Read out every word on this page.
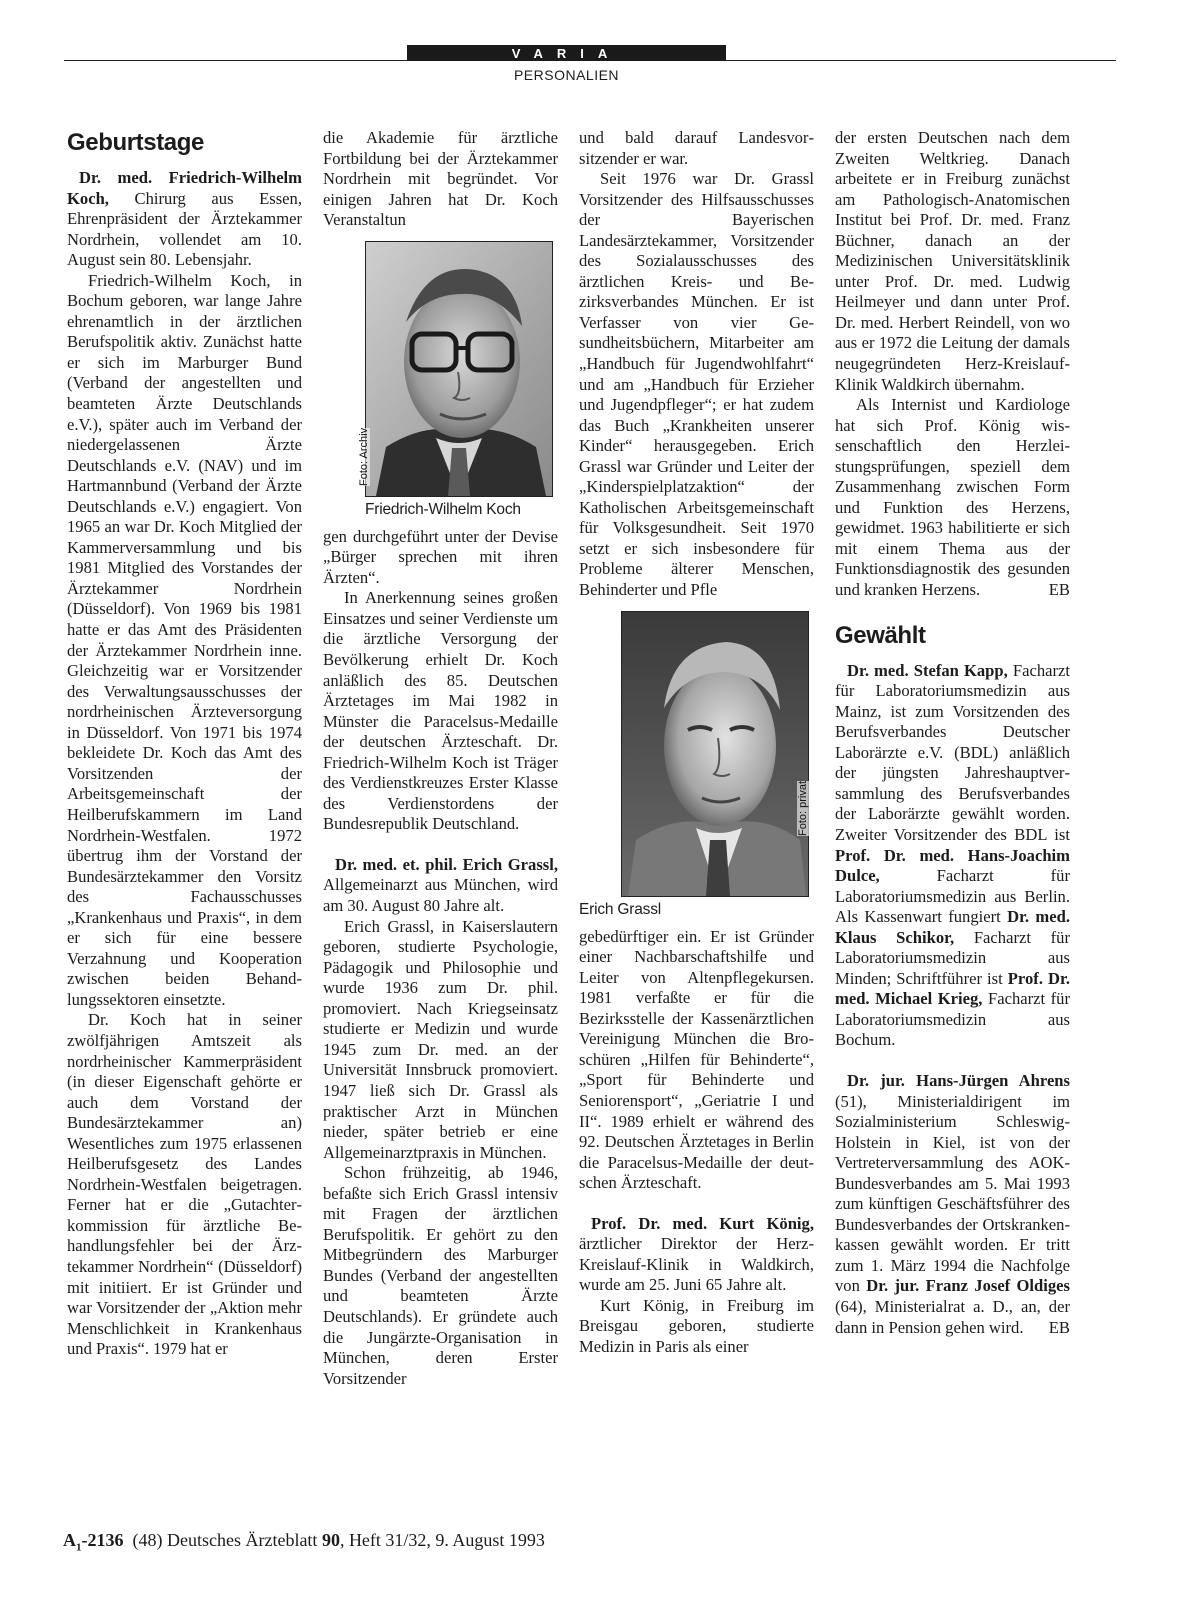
VARIA
PERSONALIEN
Geburtstage

Dr. med. Friedrich-Wilhelm Koch, Chirurg aus Essen, Ehrenpräsident der Ärztekammer Nordrhein, vollendet am 10. August sein 80. Lebensjahr.

Friedrich-Wilhelm Koch, in Bochum geboren, war lange Jahre ehrenamtlich in der ärztlichen Berufspolitik aktiv. Zunächst hatte er sich im Marburger Bund (Verband der angestellten und beamteten Ärzte Deutschlands e.V.), später auch im Verband der niedergelassenen Ärzte Deutschlands e.V. (NAV) und im Hartmannbund (Verband der Ärzte Deutschlands e.V.) engagiert. Von 1965 an war Dr. Koch Mitglied der Kammerversammlung und bis 1981 Mitglied des Vorstandes der Ärztekammer Nordrhein (Düsseldorf). Von 1969 bis 1981 hatte er das Amt des Präsidenten der Ärztekammer Nordrhein inne. Gleichzeitig war er Vorsitzender des Verwaltungsausschusses der nordrheinischen Ärzteversorgung in Düsseldorf. Von 1971 bis 1974 bekleidete Dr. Koch das Amt des Vorsitzenden der Arbeitsgemeinschaft der Heilberufskammern im Land Nordrhein-Westfalen. 1972 übertrug ihm der Vorstand der Bundesärztekammer den Vorsitz des Fachausschusses „Krankenhaus und Praxis“, in dem er sich für eine bessere Verzahnung und Kooperation zwischen beiden Behandlungssektoren einsetzte.

Dr. Koch hat in seiner zwölfjährigen Amtszeit als nordrheinischer Kammerpräsident (in dieser Eigenschaft gehörte er auch dem Vorstand der Bundesärztekammer an) Wesentliches zum 1975 erlassenen Heilberufsgesetz des Landes Nordrhein-Westfalen beigetragen. Ferner hat er die „Gutachterkommission für ärztliche Behandlungsfehler bei der Ärztekammer Nordrhein“ (Düsseldorf) mit initiiert. Er ist Gründer und war Vorsitzender der „Aktion mehr Menschlichkeit in Krankenhaus und Praxis“. 1979 hat er

die Akademie für ärztliche Fortbildung bei der Ärztekammer Nordrhein mit begründet. Vor einigen Jahren hat Dr. Koch Veranstaltun

Foto: Archiv
Friedrich-Wilhelm Koch

gen durchgeführt unter der Devise „Bürger sprechen mit ihren Ärzten“.

In Anerkennung seines großen Einsatzes und seiner Verdienste um die ärztliche Versorgung der Bevölkerung erhielt Dr. Koch anläßlich des 85. Deutschen Ärztetages im Mai 1982 in Münster die Paracelsus-Medaille der deutschen Ärzteschaft. Dr. Friedrich-Wilhelm Koch ist Träger des Verdienstkreuzes Erster Klasse des Verdienstordens der Bundesrepublik Deutschland.

Dr. med. et. phil. Erich Grassl, Allgemeinarzt aus München, wird am 30. August 80 Jahre alt.

Erich Grassl, in Kaiserslautern geboren, studierte Psychologie, Pädagogik und Philosophie und wurde 1936 zum Dr. phil. promoviert. Nach Kriegseinsatz studierte er Medizin und wurde 1945 zum Dr. med. an der Universität Innsbruck promoviert. 1947 ließ sich Dr. Grassl als praktischer Arzt in München nieder, später betrieb er eine Allgemeinarztpraxis in München.

Schon frühzeitig, ab 1946, befaßte sich Erich Grassl intensiv mit Fragen der ärztlichen Berufspolitik. Er gehört zu den Mitbegründern des Marburger Bundes (Verband der angestellten und beamteten Ärzte Deutschlands). Er gründete auch die Jungärzte-Organisation in München, deren Erster Vorsitzender

und bald darauf Landesvorsitzender er war.

Seit 1976 war Dr. Grassl Vorsitzender des Hilfsausschusses der Bayerischen Landesärztekammer, Vorsitzender des Sozialausschusses des ärztlichen Kreis- und Bezirksverbandes München. Er ist Verfasser von vier Gesundheitsbüchern, Mitarbeiter am „Handbuch für Jugendwohlfahrt“ und am „Handbuch für Erzieher und Jugendpfleger“; er hat zudem das Buch „Krankheiten unserer Kinder“ herausgegeben. Erich Grassl war Gründer und Leiter der „Kinderspielplatzaktion“ der Katholischen Arbeitsgemeinschaft für Volksgesundheit. Seit 1970 setzt er sich insbesondere für Probleme älterer Menschen, Behinderter und Pfle

Foto: privat
Erich Grassl

gebedürftiger ein. Er ist Gründer einer Nachbarschaftshilfe und Leiter von Altenpflegekursen. 1981 verfaßte er für die Bezirksstelle der Kassenärztlichen Vereinigung München die Broschüren „Hilfen für Behinderte“, „Sport für Behinderte und Seniorensport“, „Geriatrie I und II“. 1989 erhielt er während des 92. Deutschen Ärztetages in Berlin die Paracelsus-Medaille der deutschen Ärzteschaft.

Prof. Dr. med. Kurt König, ärztlicher Direktor der Herz-Kreislauf-Klinik in Waldkirch, wurde am 25. Juni 65 Jahre alt.

Kurt König, in Freiburg im Breisgau geboren, studierte Medizin in Paris als einer

der ersten Deutschen nach dem Zweiten Weltkrieg. Danach arbeitete er in Freiburg zunächst am Pathologisch-Anatomischen Institut bei Prof. Dr. med. Franz Büchner, danach an der Medizinischen Universitätsklinik unter Prof. Dr. med. Ludwig Heilmeyer und dann unter Prof. Dr. med. Herbert Reindell, von wo aus er 1972 die Leitung der damals neugegründeten Herz-Kreislauf-Klinik Waldkirch übernahm.

Als Internist und Kardiologe hat sich Prof. König wissenschaftlich den Herzleistungsprüfungen, speziell dem Zusammenhang zwischen Form und Funktion des Herzens, gewidmet. 1963 habilitierte er sich mit einem Thema aus der Funktionsdiagnostik des gesunden und kranken Herzens.	EB

Gewählt

Dr. med. Stefan Kapp, Facharzt für Laboratoriumsmedizin aus Mainz, ist zum Vorsitzenden des Berufsverbandes Deutscher Laborärzte e.V. (BDL) anläßlich der jüngsten Jahreshauptversammlung des Berufsverbandes der Laborärzte gewählt worden. Zweiter Vorsitzender des BDL ist Prof. Dr. med. Hans-Joachim Dulce, Facharzt für Laboratoriumsmedizin aus Berlin. Als Kassenwart fungiert Dr. med. Klaus Schikor, Facharzt für Laboratoriumsmedizin aus Minden; Schriftführer ist Prof. Dr. med. Michael Krieg, Facharzt für Laboratoriumsmedizin aus Bochum.

Dr. jur. Hans-Jürgen Ahrens (51), Ministerialdirigent im Sozialministerium Schleswig-Holstein in Kiel, ist von der Vertreterversammlung des AOK-Bundesverbandes am 5. Mai 1993 zum künftigen Geschäftsführer des Bundesverbandes der Ortskrankenkassen gewählt worden. Er tritt zum 1. März 1994 die Nachfolge von Dr. jur. Franz Josef Oldiges (64), Ministerialrat a. D., an, der dann in Pension gehen wird.	EB

$A_1-2136$ (48) Deutsches Ärzteblatt 90, Heft 31/32, 9. August 1993
